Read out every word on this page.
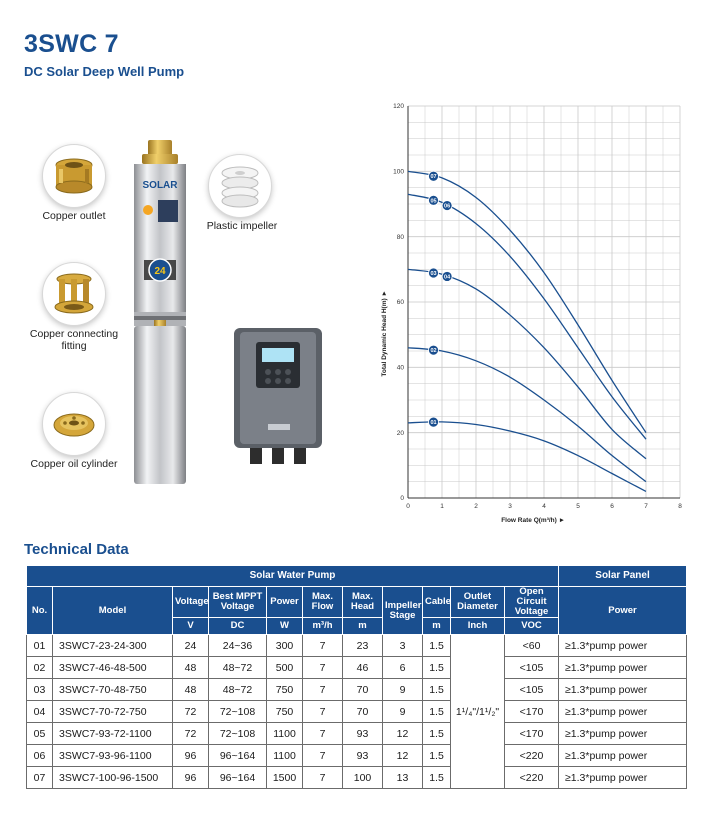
3SWC 7
DC Solar Deep Well Pump
Copper outlet
Copper connecting fitting
Copper oil cylinder
Plastic impeller
24
SOLAR
0	1	2	3	4	5	6	7	8
0
20
40
60
80
100
120
Flow Rate Q(m³/h) ►
Total Dynamic Head H(m) ►
01
02
03
04
05
06
07
Technical Data
Solar Water Pump											Solar Panel
No.	Model	Voltage	Best MPPT Voltage	Power	Max. Flow	Max. Head	Impeller Stage	Cable	Outlet Diameter	Open Circuit Voltage	Power
		V	DC	W	m³/h	m		m	Inch	VOC	
01	3SWC7-23-24-300	24	24~36	300	7	23	3	1.5	1¹/₄"/1¹/₂"	<60	≥1.3*pump power
02	3SWC7-46-48-500	48	48~72	500	7	46	6	1.5		<105	≥1.3*pump power
03	3SWC7-70-48-750	48	48~72	750	7	70	9	1.5		<105	≥1.3*pump power
04	3SWC7-70-72-750	72	72~108	750	7	70	9	1.5		<170	≥1.3*pump power
05	3SWC7-93-72-1100	72	72~108	1100	7	93	12	1.5		<170	≥1.3*pump power
06	3SWC7-93-96-1100	96	96~164	1100	7	93	12	1.5		<220	≥1.3*pump power
07	3SWC7-100-96-1500	96	96~164	1500	7	100	13	1.5		<220	≥1.3*pump power
